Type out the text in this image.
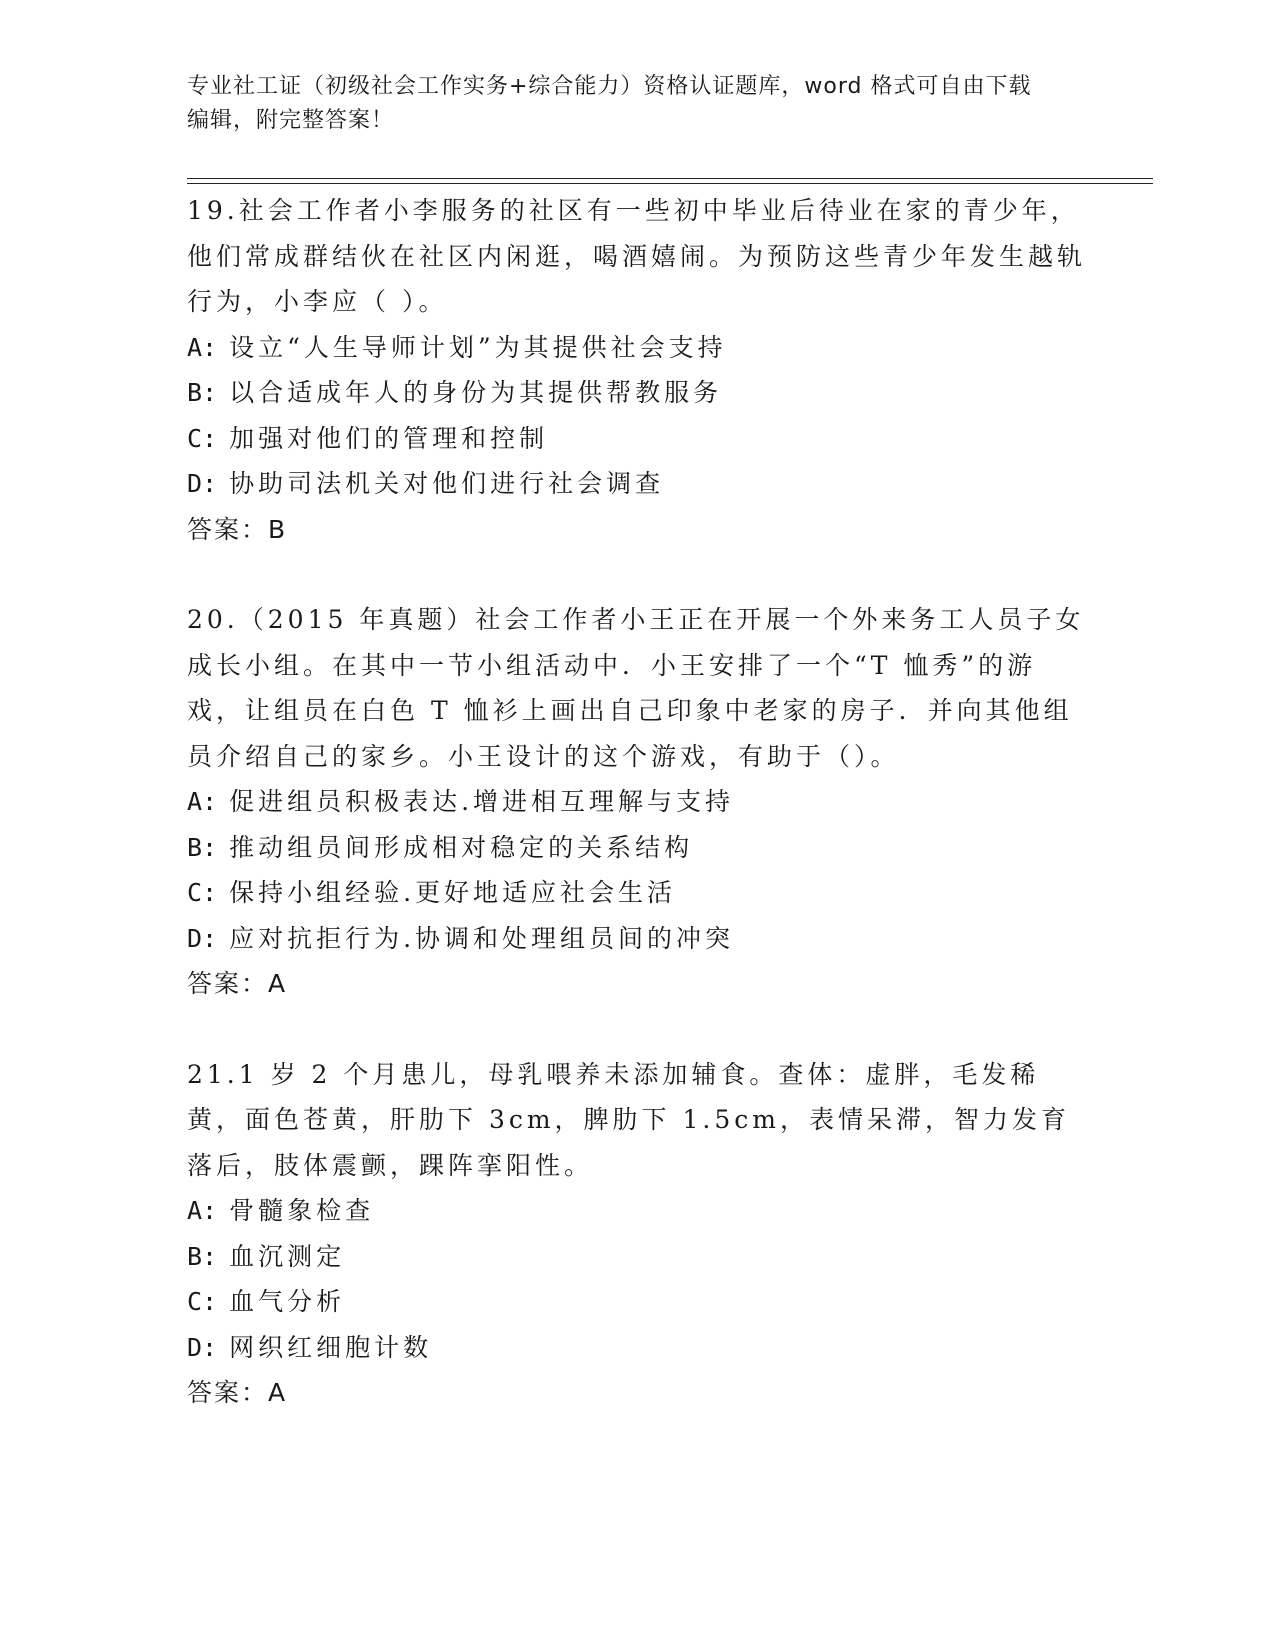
专业社工证（初级社会工作实务+综合能力）资格认证题库，word 格式可自由下载
编辑，附完整答案！

19.社会工作者小李服务的社区有一些初中毕业后待业在家的青少年，他们常成群结伙在社区内闲逛，喝酒嬉闹。为预防这些青少年发生越轨行为，小李应（ ）。

A: 设立“人生导师计划”为其提供社会支持

B: 以合适成年人的身份为其提供帮教服务

C: 加强对他们的管理和控制

D: 协助司法机关对他们进行社会调查

答案：B

20.（2015 年真题）社会工作者小王正在开展一个外来务工人员子女成长小组。在其中一节小组活动中．小王安排了一个“T 恤秀”的游戏，让组员在白色 T 恤衫上画出自己印象中老家的房子．并向其他组员介绍自己的家乡。小王设计的这个游戏，有助于（）。

A: 促进组员积极表达.增进相互理解与支持

B: 推动组员间形成相对稳定的关系结构

C: 保持小组经验.更好地适应社会生活

D: 应对抗拒行为.协调和处理组员间的冲突

答案：A

21.1 岁 2 个月患儿，母乳喂养未添加辅食。查体：虚胖，毛发稀黄，面色苍黄，肝肋下 3cm，脾肋下 1.5cm，表情呆滞，智力发育落后，肢体震颤，踝阵挛阳性。

A: 骨髓象检查

B: 血沉测定

C: 血气分析

D: 网织红细胞计数

答案：A
